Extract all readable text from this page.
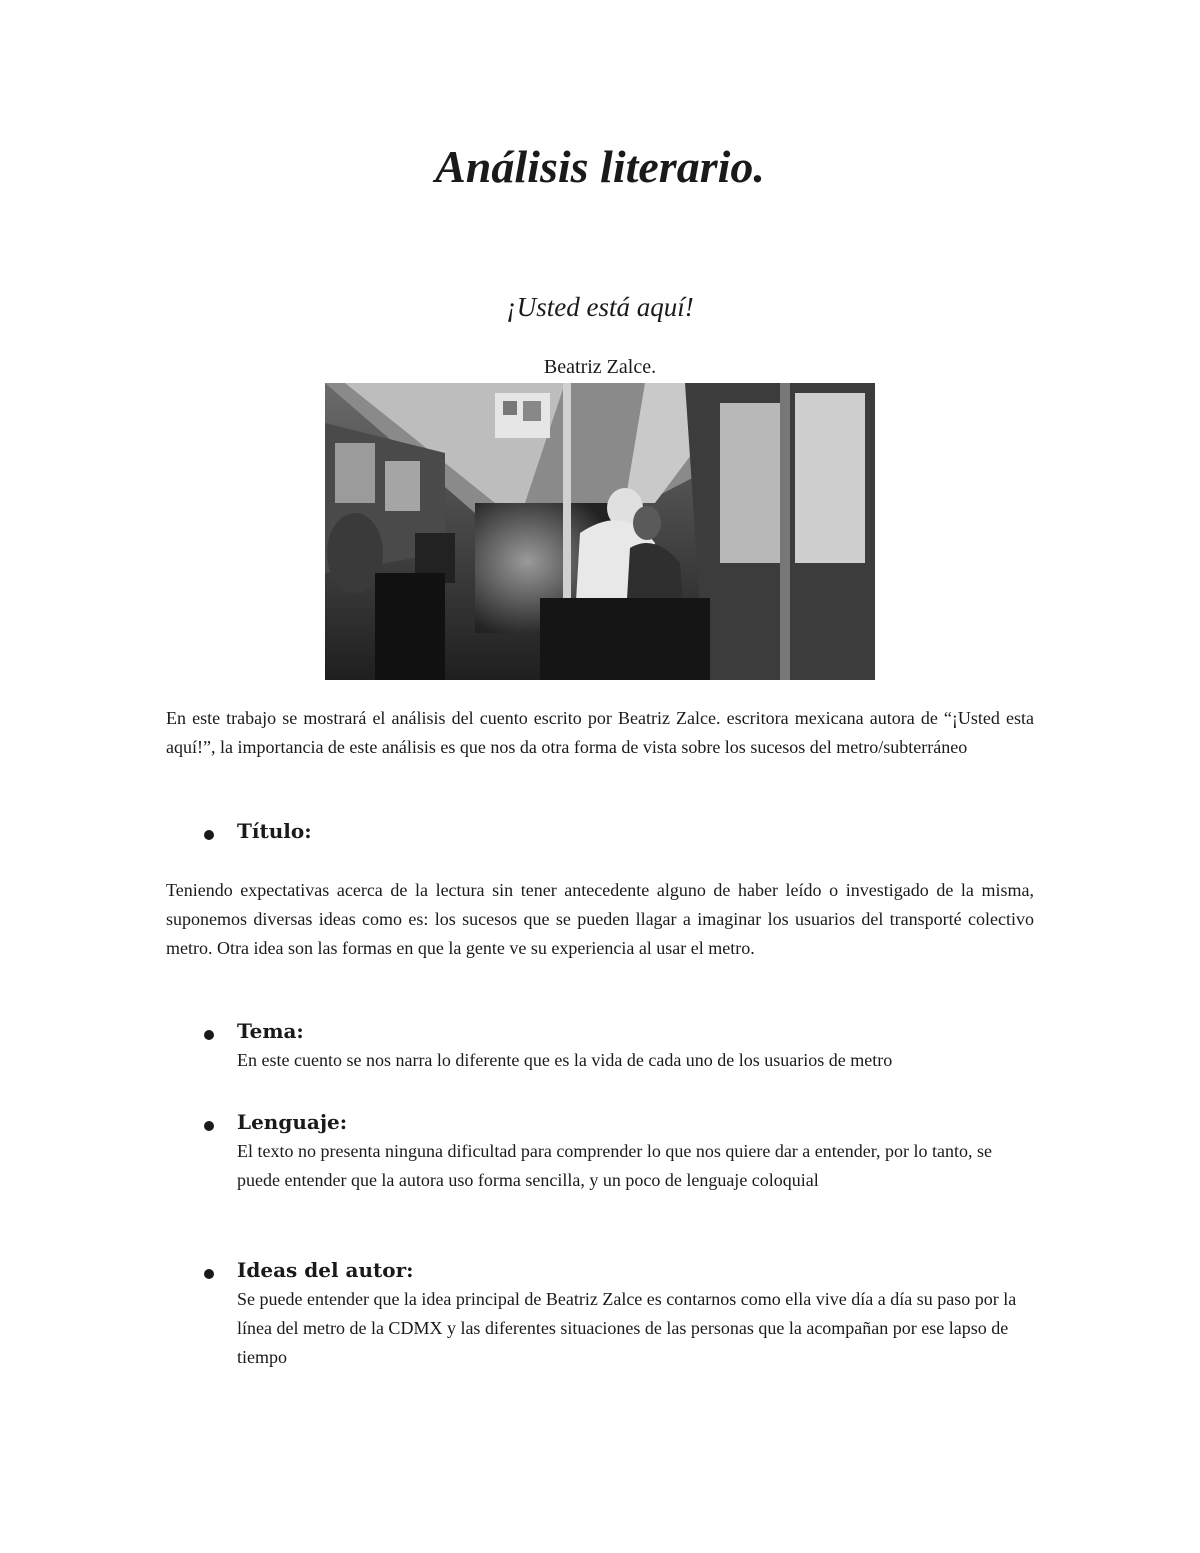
Análisis literario.

¡Usted está aquí!

Beatriz Zalce.

En este trabajo se mostrará el análisis del cuento escrito por Beatriz Zalce. escritora mexicana autora de “¡Usted esta aquí!”, la importancia de este análisis es que nos da otra forma de vista sobre los sucesos del metro/subterráneo

Título:

Teniendo expectativas acerca de la lectura sin tener antecedente alguno de haber leído o investigado de la misma, suponemos diversas ideas como es: los sucesos que se pueden llagar a imaginar los usuarios del transporté colectivo metro. Otra idea son las formas en que la gente ve su experiencia al usar el metro.

Tema:

En este cuento se nos narra lo diferente que es la vida de cada uno de los usuarios de metro

Lenguaje:

El texto no presenta ninguna dificultad para comprender lo que nos quiere dar a entender, por lo tanto, se puede entender que la autora uso forma sencilla, y un poco de lenguaje coloquial

Ideas del autor:

Se puede entender que la idea principal de Beatriz Zalce es contarnos como ella vive día a día su paso por la línea del metro de la CDMX y las diferentes situaciones de las personas que la acompañan por ese lapso de tiempo
